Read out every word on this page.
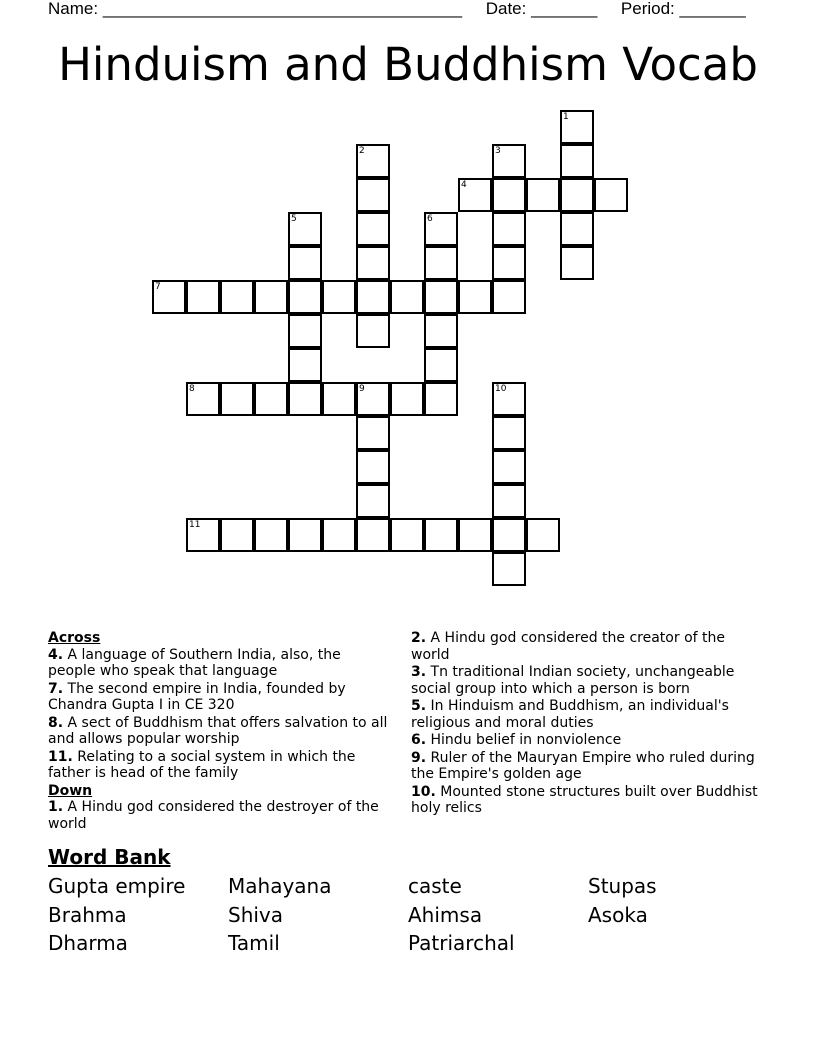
Name: ______________________________________ Date: _______ Period: _______
Hinduism and Buddhism Vocab
1
2	3
4
5	6
7
8	9	10
11

Across

4. A language of Southern India, also, the people who speak that language

7. The second empire in India, founded by Chandra Gupta I in CE 320

8. A sect of Buddhism that offers salvation to all and allows popular worship

11. Relating to a social system in which the father is head of the family

Down

1. A Hindu god considered the destroyer of the world

2. A Hindu god considered the creator of the world

3. Tn traditional Indian society, unchangeable social group into which a person is born

5. In Hinduism and Buddhism, an individual's religious and moral duties

6. Hindu belief in nonviolence

9. Ruler of the Mauryan Empire who ruled during the Empire's golden age

10. Mounted stone structures built over Buddhist holy relics

Word Bank
Gupta empire	Mahayana	caste	Stupas
Brahma	Shiva	Ahimsa	Asoka
Dharma	Tamil	Patriarchal
